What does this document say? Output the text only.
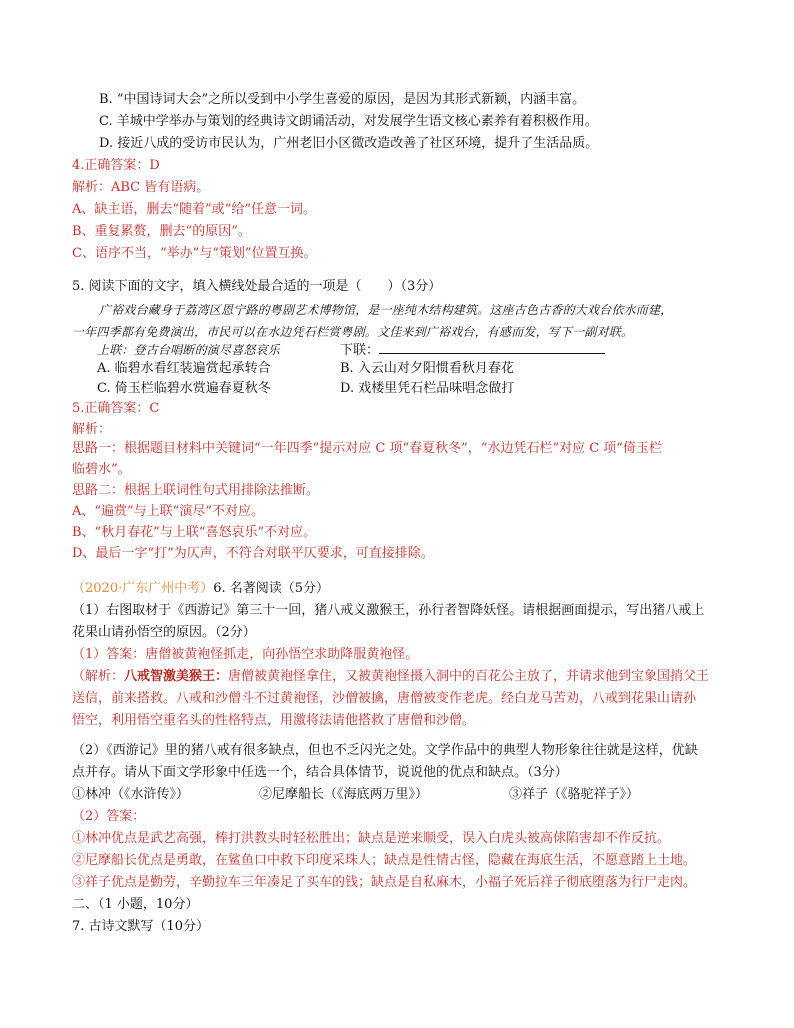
B. “中国诗词大会”之所以受到中小学生喜爱的原因，是因为其形式新颖，内涵丰富。
C. 羊城中学举办与策划的经典诗文朗诵活动，对发展学生语文核心素养有着积极作用。
D. 接近八成的受访市民认为，广州老旧小区微改造改善了社区环境，提升了生活品质。
4.正确答案：D
解析：ABC 皆有语病。
A、缺主语，删去“随着”或“给”任意一词。
B、重复累赘，删去“的原因”。
C、语序不当，“举办”与“策划”位置互换。
5. 阅读下面的文字，填入横线处最合适的一项是（　　）（3分）
广裕戏台藏身于荔湾区恩宁路的粤剧艺术博物馆，是一座纯木结构建筑。这座古色古香的大戏台依水而建，
一年四季都有免费演出，市民可以在水边凭石栏赏粤剧。文佳来到广裕戏台，有感而发，写下一副对联。
上联：登古台唱断的演尽喜怒哀乐	下联：
A. 临碧水看红装遍赏起承转合	B. 入云山对夕阳惯看秋月春花
C. 倚玉栏临碧水赏遍春夏秋冬	D. 戏楼里凭石栏品味唱念做打
5.正确答案：C
解析：
思路一：根据题目材料中关键词“一年四季”提示对应 C 项“春夏秋冬”，“水边凭石栏”对应 C 项“倚玉栏
临碧水”。
思路二：根据上联词性句式用排除法推断。
A、“遍赏”与上联“演尽”不对应。
B、“秋月春花”与上联“喜怒哀乐”不对应。
D、最后一字“打”为仄声，不符合对联平仄要求，可直接排除。
（2020·广东广州中考）6. 名著阅读（5分）
（1）右图取材于《西游记》第三十一回，猪八戒义激猴王，孙行者智降妖怪。请根据画面提示，写出猪八戒上
花果山请孙悟空的原因。（2分）
（1）答案：唐僧被黄袍怪抓走，向孙悟空求助降服黄袍怪。
（解析：八戒智激美猴王：唐僧被黄袍怪拿住，又被黄袍怪摄入洞中的百花公主放了，并请求他到宝象国捎父王
送信，前来搭救。八戒和沙僧斗不过黄袍怪，沙僧被擒，唐僧被变作老虎。经白龙马苦劝，八戒到花果山请孙
悟空，利用悟空重名头的性格特点，用激将法请他搭救了唐僧和沙僧。
（2）《西游记》里的猪八戒有很多缺点，但也不乏闪光之处。文学作品中的典型人物形象往往就是这样，优缺
点并存。请从下面文学形象中任选一个，结合具体情节，说说他的优点和缺点。（3分）
①林冲（《水浒传》）	②尼摩船长（《海底两万里》）	③祥子（《骆驼祥子》）
（2）答案：
①林冲优点是武艺高强，棒打洪教头时轻松胜出；缺点是逆来顺受，误入白虎头被高俅陷害却不作反抗。
②尼摩船长优点是勇敢，在鲨鱼口中救下印度采珠人；缺点是性情古怪，隐藏在海底生活，不愿意踏上土地。
③祥子优点是勤劳，辛勤拉车三年凑足了买车的钱；缺点是自私麻木，小福子死后祥子彻底堕落为行尸走肉。
二、（1 小题，10分）
7. 古诗文默写（10分）
